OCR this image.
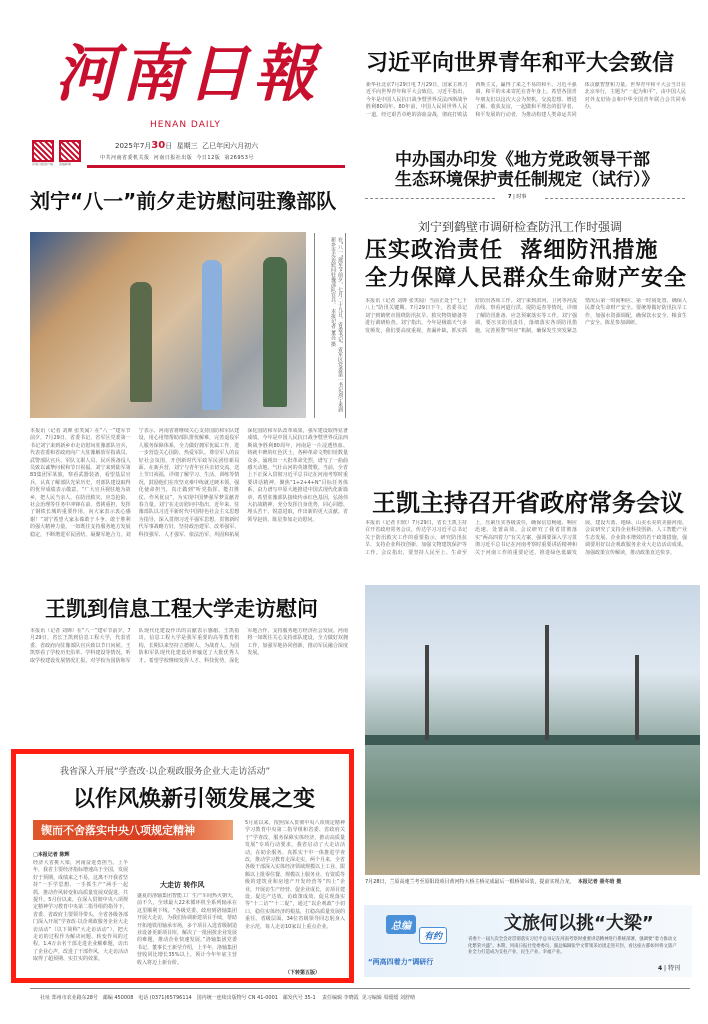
河南日報
HENAN DAILY
河南日报客户端	顶端新闻
2025年7月30日 星期三 乙巳年闰六月初六
中共河南省委机关报 河南日报社出版 今日12版 第26953号
刘宁“八一”前夕走访慰问驻豫部队
在“八一”建军节前夕，七月二十九日，省委书记、省军区党委第一书记刘宁来到新乡市走访慰问驻豫部队官兵。 本报记者 董亮 摄
本报讯（记者 刘婵 张笑闻）在“八一”建军节前夕，7月29日，省委书记、省军区党委第一书记刘宁来到新乡市走访慰问驻豫部队官兵，代表省委和省政府向广大驻豫解放军指战员、武警部队官兵、军队文职人员、民兵预备役人员致以诚挚问候和节日祝福。刘宁来到陆军第83集团军某旅，察看武器装备，看望基层官兵，认真了解部队光荣历史，对部队建设取得的优异成绩表示敬意。“广大官兵视驻地为故乡，把人民当亲人，在防汛救灾、应急抢险、社会治理等任务中冲锋在前、勇挑重担，发挥了钢铁长城的重要作用，向大家表示衷心感谢！”刘宁希望大家永葆敢于斗争、敢于胜利的强大精神力量，一如既往支持服务地方发展稳定，不断增进军民团结，凝聚军地合力。刘宁表示，河南省将继续关心支持国防和军队建设，用心用情帮助部队排忧解难，完善退役军人服务保障体系，全力做好拥军优属工作，进一步营造关心国防、热爱军队、尊崇军人的良好社会氛围，开创新时代军政军民团结新局面。在新兵营，刘宁与青年官兵亲切交流，送上节日祝福，详细了解学习、生活、训练等情况，鼓励他们在攻坚克难中练就过硬本领，强化使命担当，真正做到“听党指挥、能打胜仗、作风优良”，为实现中国梦强军梦贡献青春力量。刘宁在走访慰问中指出，近年来，驻豫部队以习近平新时代中国特色社会主义思想为指导，深入贯彻习近平强军思想，贯彻新时代军事战略方针，坚持政治建军、改革强军、科技强军、人才强军、依法治军，巩固和拓展深化国防和军队改革成果，强军建设取得显著成绩。今年是中国人民抗日战争暨世界反法西斯战争胜利80周年，河南是一片浸透热血、铸就丰碑的红色沃土，各种革命文物旧址数量众多，涌现出一大批革命先烈，谱写了一曲曲感天动地、气壮山河的英雄赞歌。当前，全省上下正深入贯彻习近平总书记在河南考察时重要讲话精神，聚焦“1+2+4+N”目标任务体系，奋力谱写中原大地推进中国式现代化新篇章，希望驻豫部队接续传承红色基因，弘扬伟大抗战精神，充分发挥自身优势，同心同德、埋头苦干、锐意进取，作出新的更大贡献。省领导赵钧、陈星参加走访慰问。
王凯到信息工程大学走访慰问
本报讯（记者 刘婵）在“八一”建军节前夕，7月29日，省长王凯到信息工程大学，代表省委、省政府向驻豫部队官兵致以节日问候。王凯察看了学校历史沿革、学科建设等情况，听取学校建设发展情况汇报，对学校为国防和军队现代化建设作出的贡献表示感谢。王凯指出，信息工程大学是我军重要的高等教育机构，长期以来坚持立德树人、为战育人，为国防和军队现代化建设培养输送了大批优秀人才。希望学校继续发挥人才、科技优势，深化军地合作，支持服务地方经济社会发展。河南将一如既往关心支持部队建设，全力做好双拥工作，加强军地协同创新，推动军民融合深度发展。
我省深入开展“学查改·以企观政服务企业大走访活动”
以作风焕新引领发展之变
锲而不舍落实中央八项规定精神
□本报记者 陈辉
经济大省挑大梁，河南奋进勇担当。上半年，我省主要经济指标增速高于全国，发展好于预期。成绩来之不易，这离不开我省坚持“一手学思想、一手抓生产”两手一起抓，推动作风转变和高质量发展双促进、共提升。5月份以来，在深入贯彻中央八项规定精神学习教育中央第二指导组的指导下，省委、省政府主要领导带头，全省各级各部门深入开展“学查改·以企观政服务企业大走访活动”（以下简称“大走访活动”），把大走访的过程作为解决问题、转变作风的过程，1.4万余名干部走进企业解难题，访出了企业心声，改进了干部作风，大走访活动取得了超预期、实打实的效果。
大走访 转作风
盛夏的洛轴集团智能工厂生产车间热火朝天，前不久，全球最大22米循环机全系列轴承在这里顺利下线。“各级党委、政府到洛轴集团开展大走访，为我们协调新建项目手续，帮助开拓地铁用轴承市场，多个项目入选省级制造业设备更新项目库，解决了一批困扰企业发展的难题，推动企业快速发展。”洛轴集团党委书记、董事长王新莹介绍，上半年，洛轴集团营收同比增长35%以上，预计今年年底主营收入将迈上新台阶。
5月底以来，按照深入贯彻中央八项规定精神学习教育中央第二指导组和省委、省政府关于“学查改，服务保障实体经济，推动高质量发展”专项行动要求，我省启动了大走访活动，在助企服务、真抓实干中一体推进学查改，推动学习教育走深走实。两个月来，全省各级干部深入实体经济领域规模以上工业、限额以上批零住餐、规模以上服务业、有资质等级的建筑业和房地产开发经营等“四上”企业，开展访生产经营、促企业成长，访项目建设、促达产达效，访政策成效、促兑现落实等“十二访”“十二促”，通过“以企观政”小切口，稳住实体经济的根基，扛稳高质量发展的重任。省级层面，34位省级领导同志躬身入企示范，每人走访10家以上重点企业。
（下转第五版）
习近平向世界青年和平大会致信
新华社北京7月29日电 7月29日，国家主席习近平向世界青年和平大会致信。习近平指出，今年是中国人民抗日战争暨世界反法西斯战争胜利80周年。80年前，中国人民同世界人民一道，经过艰苦卓绝的浴血奋战，彻底打败法西斯主义，赢得了来之不易的和平。习近平强调，和平的未来寄托在青年身上。希望各国青年朋友们以这次大会为契机，交流思想、增进了解、收获友谊，一起做和平理念的倡导者、和平发展的行动者，为推动构建人类命运共同体贡献智慧和力量。世界青年和平大会当日在北京举行，主题为“一起为和平”，由中国人民对外友好协会和中华全国青年联合会共同举办。
中办国办印发《地方党政领导干部
生态环境保护责任制规定（试行）》
7 | 时事
刘宁到鹤壁市调研检查防汛工作时强调
压实政治责任  落细防汛措施
全力保障人民群众生命财产安全
本报讯（记者 刘婵 张笑闻）当前正处于“七下八上”防汛关键期。7月29日下午，省委书记刘宁到鹤壁市围绕防汛抗旱、救灾物资储备等进行调研检查。刘宁指出，今年是极端天气多发频发，我们要高度重视，查漏补缺，抓实抓好防汛各项工作。刘宁来到淇河、卫河等河流沿线，察看河道行洪、堤防巡查等情况，详细了解防汛准备、应急预案落实等工作。刘宁强调，要压实防汛责任，落细落实各项防汛措施，完善预警“叫应”机制，确保发生突发紧急情况后第一时间响应、第一时间处置，确保人民群众生命财产安全。要统筹做好防汛抗旱工作，加强水资源调配，确保饮水安全、粮食生产安全。陈星参加调研。
王凯主持召开省政府常务会议
本报讯（记者 归欣）7月29日，省长王凯主持召开省政府常务会议，传达学习习近平总书记关于防汛救灾工作的重要指示，研究防汛抗旱、支持企业科技创新、加强文物建筑保护等工作。会议指出，要坚持人民至上、生命至上，压紧压实各级责任，确保信息畅通、响应迅速、处置高效。会议研究了我省贯彻落实“两高四着力”有关方案，强调要深入学习贯彻习近平总书记在河南考察时重要讲话精神和关于河南工作的重要论述，推进绿色低碳发展，建设天蓝、地绿、山美水美的美丽河南。会议研究了支持企业科技创新、人工智能产业生态发展、企业降本增效的若干政策措施，强调要用好以企观政服务企业大走访活动成果，加强政策宣传解读，推动政策直达快享。
7月28日，兰原高速兰考至原阳段项目黄河特大桥主桥完成最后一根桥梁吊装，提前实现合龙。 本报记者 聂冬晗 摄
总编
有约
“两高四着力”调研行
文旅何以挑“大梁”
省委十一届九次全会对贯彻落实习近平总书记在河南考察时重要讲话精神进行系统部署，强调要“着力推动文化繁荣兴盛”。本期，河南日报社党委委员、副总编辑张学文带领采访团走进开封，看这座古都如何将文旅产业全力打造成为支柱产业、民生产业、幸福产业。
4 | 特刊
社址 郑州市农业路东28号 邮编 450008 电话 (0371)65796114 国内统一连续出版物号 CN 41-0001 邮发代号 35-1 责任编辑 李晓霞 见习编辑 周缓缓 刘舒晴
